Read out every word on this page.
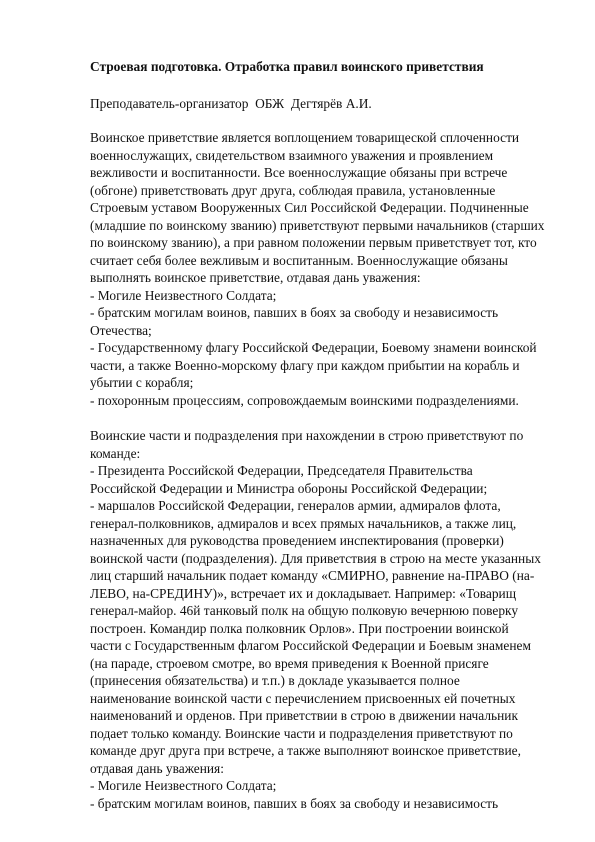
Строевая подготовка. Отработка правил воинского приветствия
Преподаватель-организатор  ОБЖ  Дегтярёв А.И.
Воинское приветствие является воплощением товарищеской сплоченности
военнослужащих, свидетельством взаимного уважения и проявлением
вежливости и воспитанности. Все военнослужащие обязаны при встрече
(обгоне) приветствовать друг друга, соблюдая правила, установленные
Строевым уставом Вооруженных Сил Российской Федерации. Подчиненные
(младшие по воинскому званию) приветствуют первыми начальников (старших
по воинскому званию), а при равном положении первым приветствует тот, кто
считает себя более вежливым и воспитанным. Военнослужащие обязаны
выполнять воинское приветствие, отдавая дань уважения:
- Могиле Неизвестного Солдата;
- братским могилам воинов, павших в боях за свободу и независимость
Отечества;
- Государственному флагу Российской Федерации, Боевому знамени воинской
части, а также Военно-морскому флагу при каждом прибытии на корабль и
убытии с корабля;
- похоронным процессиям, сопровождаемым воинскими подразделениями.
Воинские части и подразделения при нахождении в строю приветствуют по
команде:
- Президента Российской Федерации, Председателя Правительства
Российской Федерации и Министра обороны Российской Федерации;
- маршалов Российской Федерации, генералов армии, адмиралов флота,
генерал-полковников, адмиралов и всех прямых начальников, а также лиц,
назначенных для руководства проведением инспектирования (проверки)
воинской части (подразделения). Для приветствия в строю на месте указанных
лиц старший начальник подает команду «СМИРНО, равнение на-ПРАВО (на-
ЛЕВО, на-СРЕДИНУ)», встречает их и докладывает. Например: «Товарищ
генерал-майор. 46й танковый полк на общую полковую вечернюю поверку
построен. Командир полка полковник Орлов». При построении воинской
части с Государственным флагом Российской Федерации и Боевым знаменем
(на параде, строевом смотре, во время приведения к Военной присяге
(принесения обязательства) и т.п.) в докладе указывается полное
наименование воинской части с перечислением присвоенных ей почетных
наименований и орденов. При приветствии в строю в движении начальник
подает только команду. Воинские части и подразделения приветствуют по
команде друг друга при встрече, а также выполняют воинское приветствие,
отдавая дань уважения:
- Могиле Неизвестного Солдата;
- братским могилам воинов, павших в боях за свободу и независимость
